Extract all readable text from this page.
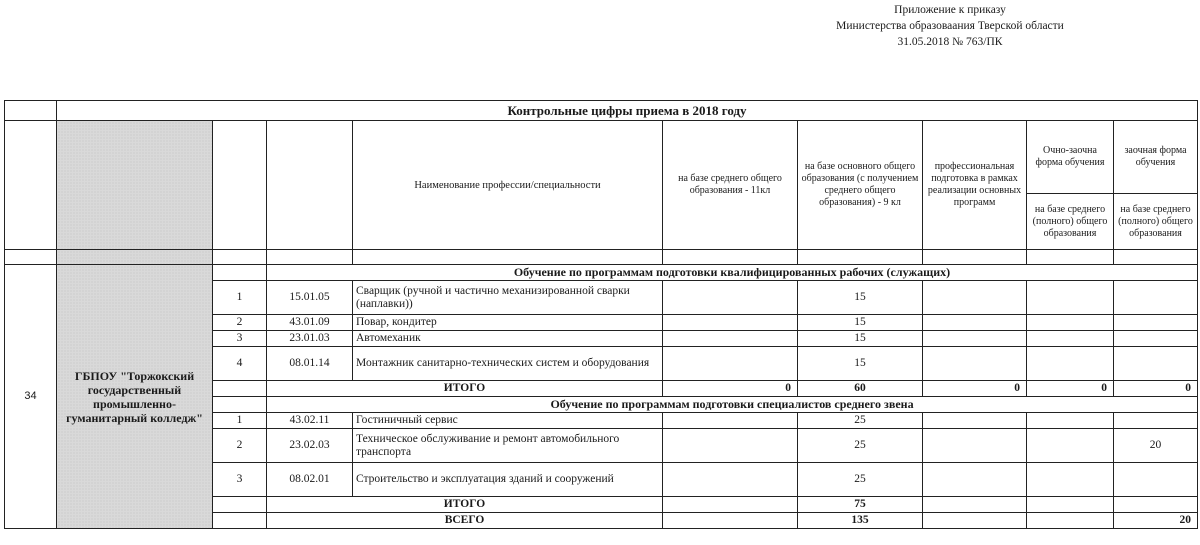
Приложение к приказу
Министерства образоваания Тверской области
31.05.2018 № 763/ПК
	Контрольные цифры приема в 2018 году								
				Наименование профессии/специальности	на базе среднего общего образования - 11кл	на базе основного общего образования (с получением среднего общего образования) - 9 кл	профессиональная подготовка в рамках реализации основных программ	Очно-заочна форма обучения	заочная форма обучения
								на базе среднего (полного) общего образования	на базе среднего (полного) общего образования

34	ГБПОУ "Торжокский государственный промышленно-гуманитарный колледж"		Обучение по программам подготовки квалифицированных рабочих (служащих)						
		1	15.01.05	Сварщик (ручной и частично механизированной сварки (наплавки))		15			
		2	43.01.09	Повар, кондитер		15			
		3	23.01.03	Автомеханик		15			
		4	08.01.14	Монтажник санитарно-технических систем и оборудования		15			
			ИТОГО		0	60	0	0	0
			Обучение по программам подготовки специалистов среднего звена						
		1	43.02.11	Гостиничный сервис		25			
		2	23.02.03	Техническое обслуживание и ремонт автомобильного транспорта		25			20
		3	08.02.01	Строительство и эксплуатация зданий и сооружений		25			
			ИТОГО			75			
			ВСЕГО			135			20
